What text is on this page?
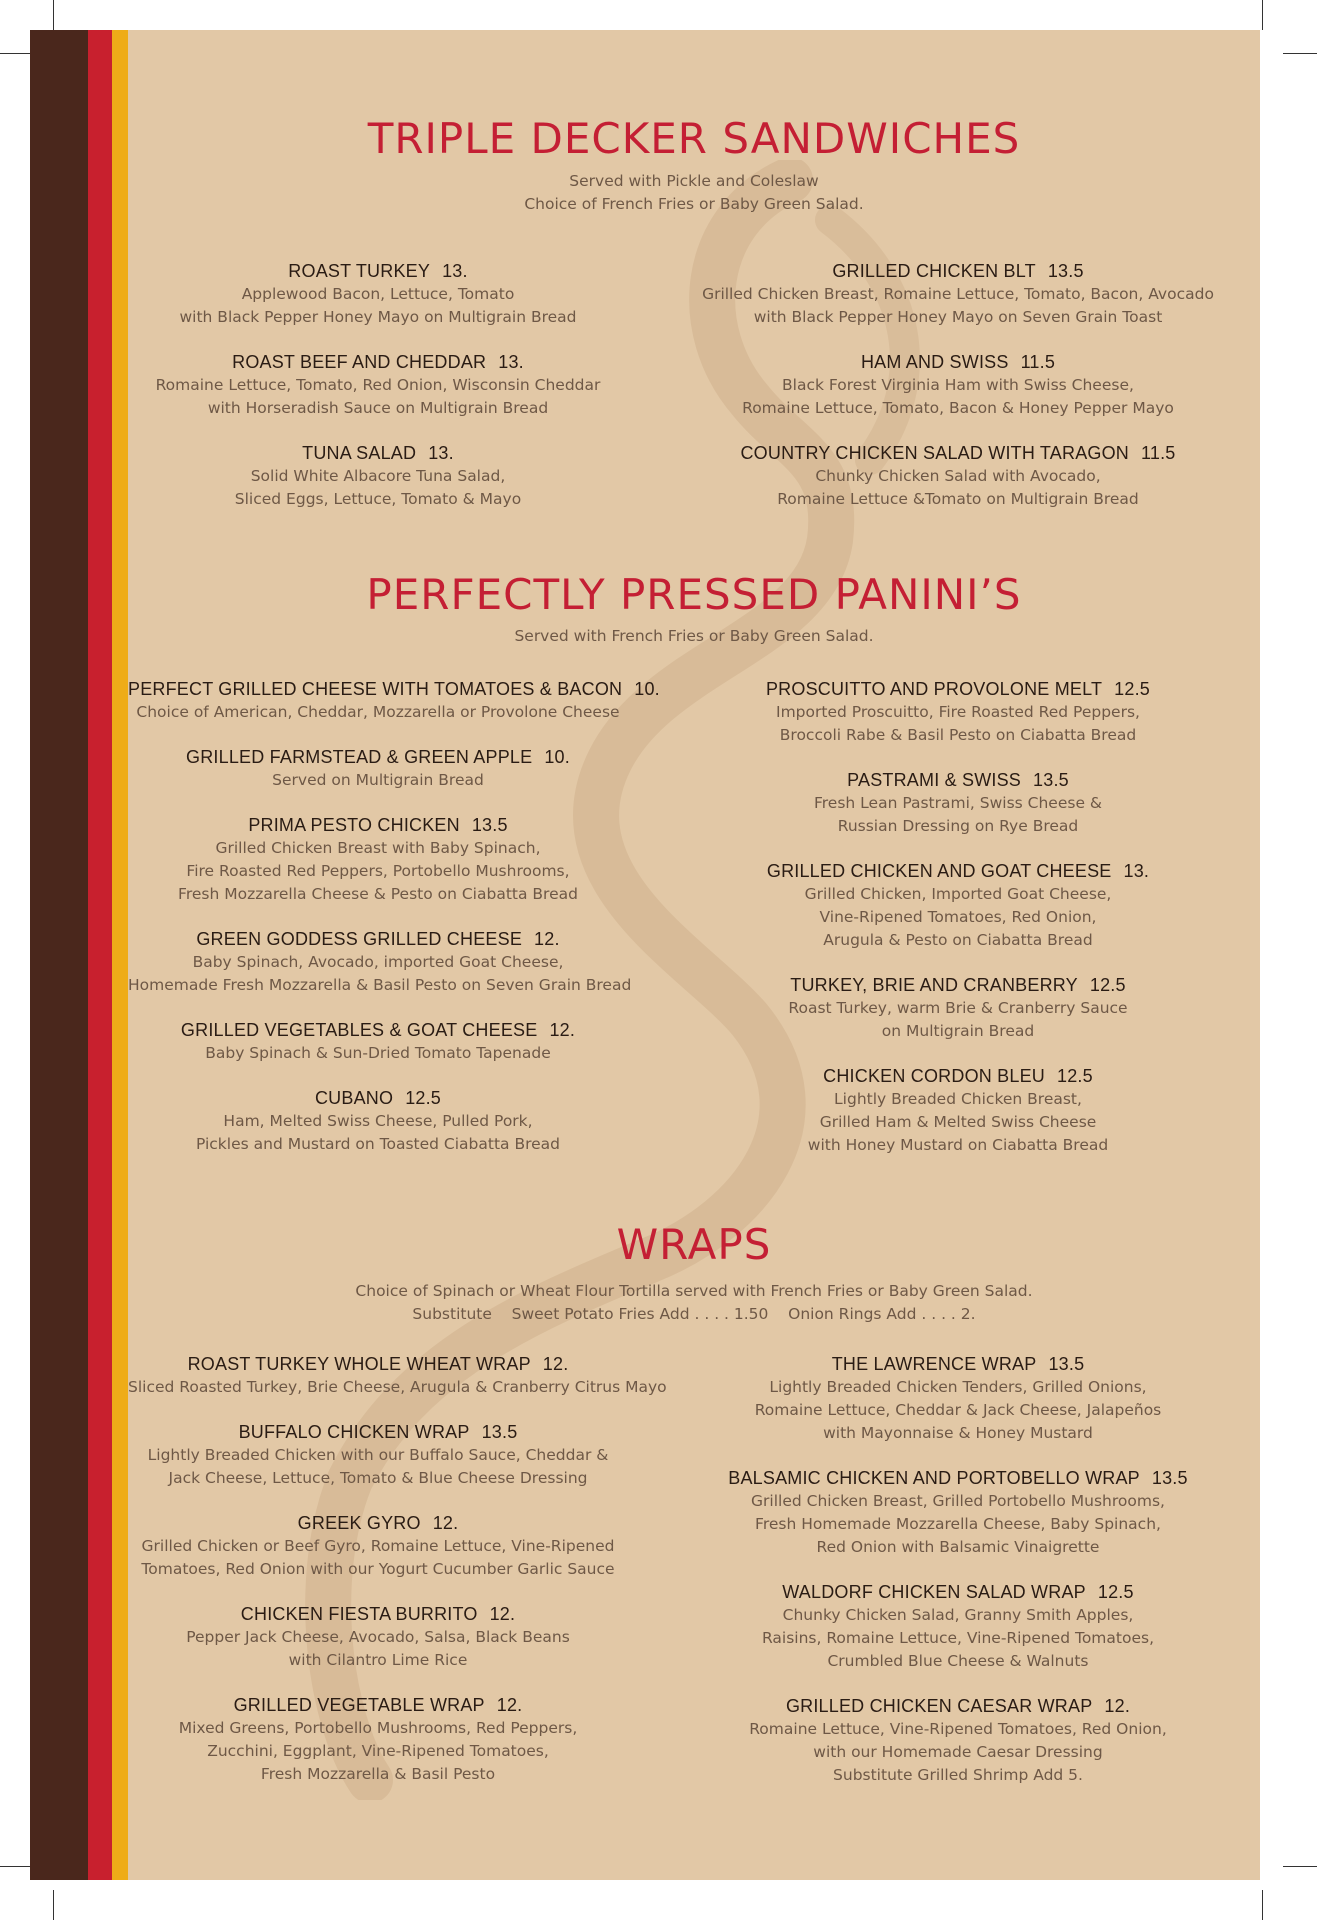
TRIPLE DECKER SANDWICHES
Served with Pickle and Coleslaw
Choice of French Fries or Baby Green Salad.
ROAST TURKEY 13.
Applewood Bacon, Lettuce, Tomato
with Black Pepper Honey Mayo on Multigrain Bread
ROAST BEEF AND CHEDDAR 13.
Romaine Lettuce, Tomato, Red Onion, Wisconsin Cheddar
with Horseradish Sauce on Multigrain Bread
TUNA SALAD 13.
Solid White Albacore Tuna Salad,
Sliced Eggs, Lettuce, Tomato & Mayo
GRILLED CHICKEN BLT 13.5
Grilled Chicken Breast, Romaine Lettuce, Tomato, Bacon, Avocado
with Black Pepper Honey Mayo on Seven Grain Toast
HAM AND SWISS 11.5
Black Forest Virginia Ham with Swiss Cheese,
Romaine Lettuce, Tomato, Bacon & Honey Pepper Mayo
COUNTRY CHICKEN SALAD WITH TARAGON 11.5
Chunky Chicken Salad with Avocado,
Romaine Lettuce &Tomato on Multigrain Bread
PERFECTLY PRESSED PANINI’S
Served with French Fries or Baby Green Salad.
PERFECT GRILLED CHEESE WITH TOMATOES & BACON 10.
Choice of American, Cheddar, Mozzarella or Provolone Cheese
GRILLED FARMSTEAD & GREEN APPLE 10.
Served on Multigrain Bread
PRIMA PESTO CHICKEN 13.5
Grilled Chicken Breast with Baby Spinach,
Fire Roasted Red Peppers, Portobello Mushrooms,
Fresh Mozzarella Cheese & Pesto on Ciabatta Bread
GREEN GODDESS GRILLED CHEESE 12.
Baby Spinach, Avocado, imported Goat Cheese,
Homemade Fresh Mozzarella & Basil Pesto on Seven Grain Bread
GRILLED VEGETABLES & GOAT CHEESE 12.
Baby Spinach & Sun-Dried Tomato Tapenade
CUBANO 12.5
Ham, Melted Swiss Cheese, Pulled Pork,
Pickles and Mustard on Toasted Ciabatta Bread
PROSCUITTO AND PROVOLONE MELT 12.5
Imported Proscuitto, Fire Roasted Red Peppers,
Broccoli Rabe & Basil Pesto on Ciabatta Bread
PASTRAMI & SWISS 13.5
Fresh Lean Pastrami, Swiss Cheese &
Russian Dressing on Rye Bread
GRILLED CHICKEN AND GOAT CHEESE 13.
Grilled Chicken, Imported Goat Cheese,
Vine-Ripened Tomatoes, Red Onion,
Arugula & Pesto on Ciabatta Bread
TURKEY, BRIE AND CRANBERRY 12.5
Roast Turkey, warm Brie & Cranberry Sauce
on Multigrain Bread
CHICKEN CORDON BLEU 12.5
Lightly Breaded Chicken Breast,
Grilled Ham & Melted Swiss Cheese
with Honey Mustard on Ciabatta Bread
WRAPS
Choice of Spinach or Wheat Flour Tortilla served with French Fries or Baby Green Salad.
Substitute    Sweet Potato Fries Add . . . . 1.50    Onion Rings Add . . . . 2.
ROAST TURKEY WHOLE WHEAT WRAP 12.
Sliced Roasted Turkey, Brie Cheese, Arugula & Cranberry Citrus Mayo
BUFFALO CHICKEN WRAP 13.5
Lightly Breaded Chicken with our Buffalo Sauce, Cheddar &
Jack Cheese, Lettuce, Tomato & Blue Cheese Dressing
GREEK GYRO 12.
Grilled Chicken or Beef Gyro, Romaine Lettuce, Vine-Ripened
Tomatoes, Red Onion with our Yogurt Cucumber Garlic Sauce
CHICKEN FIESTA BURRITO 12.
Pepper Jack Cheese, Avocado, Salsa, Black Beans
with Cilantro Lime Rice
GRILLED VEGETABLE WRAP 12.
Mixed Greens, Portobello Mushrooms, Red Peppers,
Zucchini, Eggplant, Vine-Ripened Tomatoes,
Fresh Mozzarella & Basil Pesto
THE LAWRENCE WRAP 13.5
Lightly Breaded Chicken Tenders, Grilled Onions,
Romaine Lettuce, Cheddar & Jack Cheese, Jalapeños
with Mayonnaise & Honey Mustard
BALSAMIC CHICKEN AND PORTOBELLO WRAP 13.5
Grilled Chicken Breast, Grilled Portobello Mushrooms,
Fresh Homemade Mozzarella Cheese, Baby Spinach,
Red Onion with Balsamic Vinaigrette
WALDORF CHICKEN SALAD WRAP 12.5
Chunky Chicken Salad, Granny Smith Apples,
Raisins, Romaine Lettuce, Vine-Ripened Tomatoes,
Crumbled Blue Cheese & Walnuts
GRILLED CHICKEN CAESAR WRAP 12.
Romaine Lettuce, Vine-Ripened Tomatoes, Red Onion,
with our Homemade Caesar Dressing
Substitute Grilled Shrimp Add 5.
